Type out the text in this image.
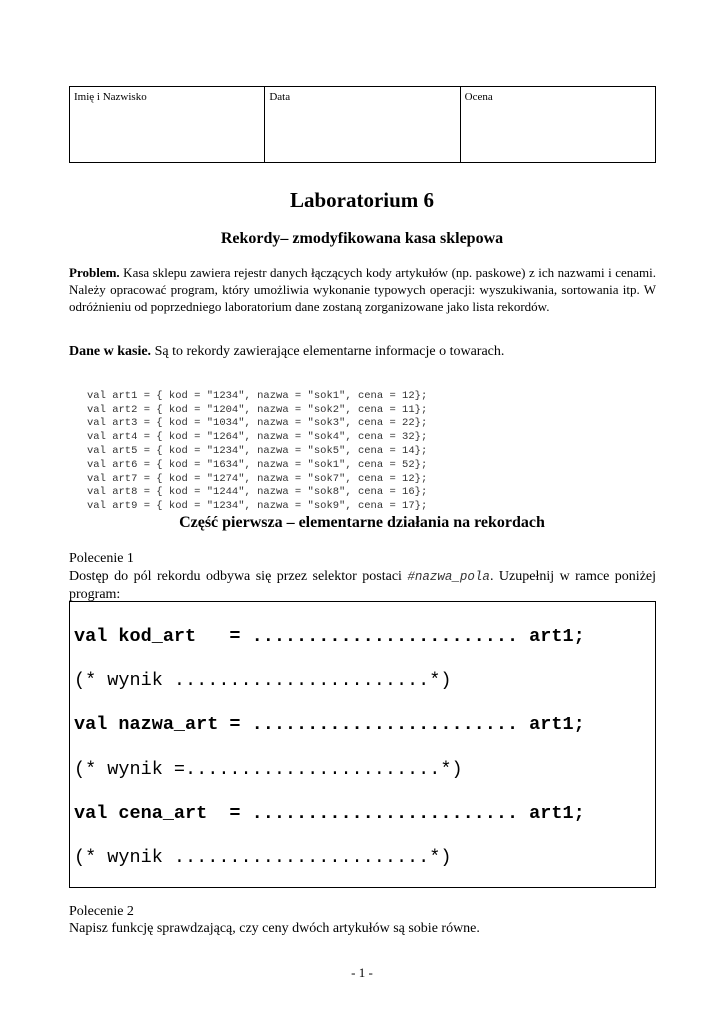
Imię i Nazwisko	Data	Ocena
Laboratorium 6
Rekordy– zmodyfikowana kasa sklepowa
Problem. Kasa sklepu zawiera rejestr danych łączących kody artykułów (np. paskowe) z ich nazwami i cenami. Należy opracować program, który umożliwia wykonanie typowych operacji: wyszukiwania, sortowania itp. W odróżnieniu od poprzedniego laboratorium dane zostaną zorganizowane jako lista rekordów.
Dane w kasie. Są to rekordy zawierające elementarne informacje o towarach.

val art1 = { kod = "1234", nazwa = "sok1", cena = 12};
val art2 = { kod = "1204", nazwa = "sok2", cena = 11};
val art3 = { kod = "1034", nazwa = "sok3", cena = 22};
val art4 = { kod = "1264", nazwa = "sok4", cena = 32};
val art5 = { kod = "1234", nazwa = "sok5", cena = 14};
val art6 = { kod = "1634", nazwa = "sok1", cena = 52};
val art7 = { kod = "1274", nazwa = "sok7", cena = 12};
val art8 = { kod = "1244", nazwa = "sok8", cena = 16};
val art9 = { kod = "1234", nazwa = "sok9", cena = 17};

Część pierwsza – elementarne działania na rekordach
Polecenie 1
Dostęp do pól rekordu odbywa się przez selektor postaci #nazwa_pola. Uzupełnij w ramce poniżej program:
val kod_art   = ........................ art1;
(* wynik .......................*)
val nazwa_art = ........................ art1;
(* wynik =.......................*)
val cena_art  = ........................ art1;
(* wynik .......................*)
Polecenie 2
Napisz funkcję sprawdzającą, czy ceny dwóch artykułów są sobie równe.
- 1 -
